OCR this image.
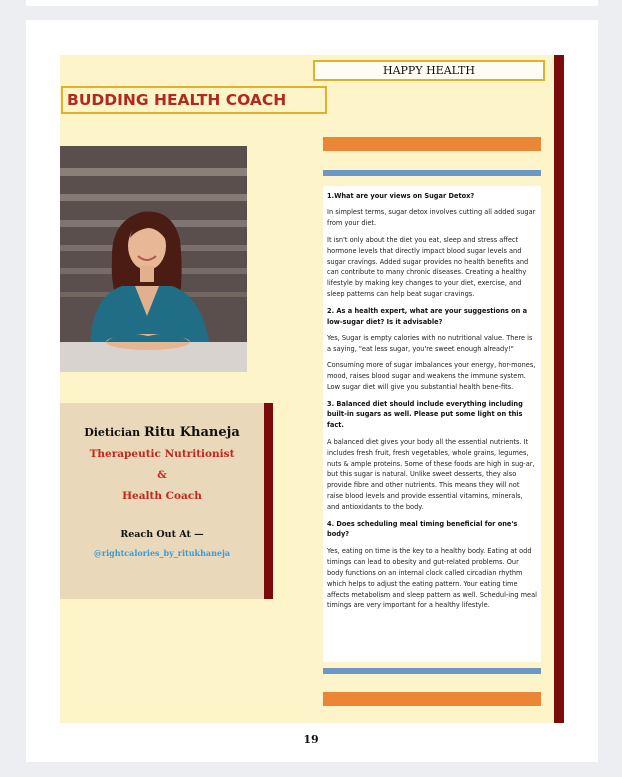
HAPPY HEALTH
BUDDING HEALTH COACH
Dietician Ritu Khaneja
Therapeutic Nutritionist
&
Health Coach
Reach Out At —
@rightcalories_by_ritukhaneja

1.What are your views on Sugar Detox?

In simplest terms, sugar detox involves cutting all added sugar from your diet.

It isn't only about the diet you eat, sleep and stress affect hormone levels that directly impact blood sugar levels and sugar cravings. Added sugar provides no health benefits and can contribute to many chronic diseases. Creating a healthy lifestyle by making key changes to your diet, exercise, and sleep patterns can help beat sugar cravings.

2. As a health expert, what are your suggestions on a low-sugar diet? Is it advisable?

Yes, Sugar is empty calories with no nutritional value. There is a saying, "eat less sugar, you're sweet enough already!"

Consuming more of sugar imbalances your energy, hor-mones, mood, raises blood sugar and weakens the immune system. Low sugar diet will give you substantial health bene-fits.

3. Balanced diet should include everything including built-in sugars as well. Please put some light on this fact.

A balanced diet gives your body all the essential nutrients. It includes fresh fruit, fresh vegetables, whole grains, legumes, nuts & ample proteins. Some of these foods are high in sug-ar, but this sugar is natural. Unlike sweet desserts, they also provide fibre and other nutrients. This means they will not raise blood levels and provide essential vitamins, minerals, and antioxidants to the body.

4. Does scheduling meal timing beneficial for one's body?

Yes, eating on time is the key to a healthy body. Eating at odd timings can lead to obesity and gut-related problems. Our body functions on an internal clock called circadian rhythm which helps to adjust the eating pattern. Your eating time affects metabolism and sleep pattern as well. Schedul-ing meal timings are very important for a healthy lifestyle.

19
